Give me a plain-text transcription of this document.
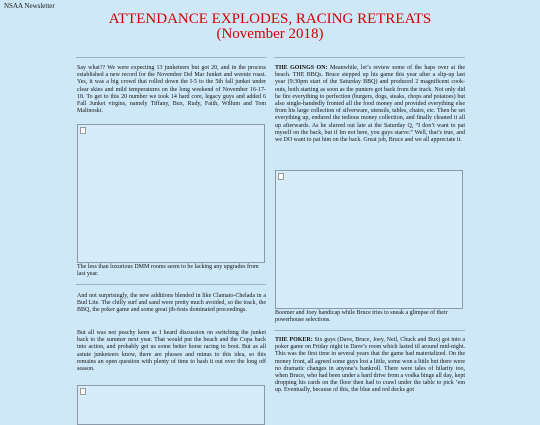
NSAA Newsletter
ATTENDANCE EXPLODES, RACING RETREATS
(November 2018)

Say what?? We were expecting 13 junketeers but got 20, and in the process established a new record for the November Del Mar Junket and weenie roast. Yes, it was a big crowd that rolled down the I-5 to the 5th fall junket under clear skies and mild temperatures on the long weekend of November 16-17-18. To get to this 20 number we took 14 hard core, legacy guys and added 6 Fall Junket virgins, namely Tiffany, Bux, Rudy, Faith, Willum and Tom Malinoski.

The less than luxurious DMM rooms seem to be lacking any upgrades from last year.

And not surprisingly, the new additions blended in like Clamato-Chelada in a Bud Lite. The chilly surf and sand were pretty much avoided, so the track, the BBQ, the poker game and some great jib-fests dominated proceedings.

But all was not peachy keen as I heard discussion on switching the junket back to the summer next year. That would put the beach and the Copa back into action, and probably get us some better horse racing to boot. But as all astute junketeers know, there are plusses and minus to this idea, so this remains an open question with plenty of time to hash it out over the long off season.

THE GOINGS ON: Meanwhile, let’s review some of the haps over at the beach. THE BBQs. Bruce stepped up his game this year after a slip-up last year (9:30pm start of the Saturday BBQ) and produced 2 magnificent cook-outs, both starting as soon as the punters got back from the track. Not only did he fire everything to perfection (burgers, dogs, steaks, chops and potatoes) but also single-handedly fronted all the food money and provided everything else from his large collection of silverware, utensils, tables, chairs, etc. Then he set everything up, endured the tedious money collection, and finally cleaned it all up afterwards. As he slurred out late at the Saturday Q, “I don’t want to pat myself on the back, but if Im not here, you guys starve.” Well, that’s true, and we DO want to pat him on the back. Great job, Bruce and we all appreciate it.

Boomer and Joey handicap while Bruce tries to sneak a glimpse of their powerhouse selections.

THE POKER: Six guys (Dave, Bruce, Joey, Neil, Chuck and Bux) got into a poker game on Friday night in Dave’s room which lasted til around mid-night. This was the first time in several years that the game had materialized. On the money front, all agreed some guys lost a little, some won a little but there were no dramatic changes in anyone’s bankroll. There were tales of hilarity too, when Bruce, who had been under a hard drive from a vodka binge all day, kept dropping his cards on the floor then had to crawl under the table to pick ’em up. Eventually, because of this, the blue and red decks got
